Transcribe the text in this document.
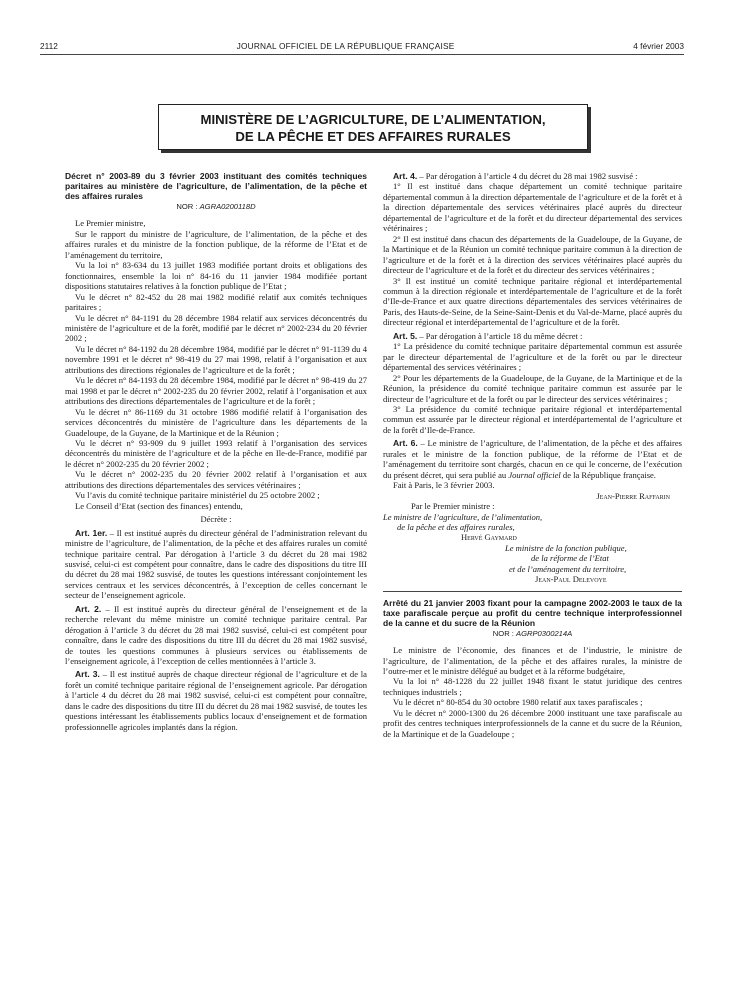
2112	JOURNAL OFFICIEL DE LA RÉPUBLIQUE FRANÇAISE	4 février 2003
MINISTÈRE DE L’AGRICULTURE, DE L’ALIMENTATION,
DE LA PÊCHE ET DES AFFAIRES RURALES

Décret n° 2003-89 du 3 février 2003 instituant des comités techniques paritaires au ministère de l’agriculture, de l’alimentation, de la pêche et des affaires rurales

NOR : AGRA0200118D

Le Premier ministre,

Sur le rapport du ministre de l’agriculture, de l’alimentation, de la pêche et des affaires rurales et du ministre de la fonction publique, de la réforme de l’Etat et de l’aménagement du territoire,

Vu la loi n° 83-634 du 13 juillet 1983 modifiée portant droits et obligations des fonctionnaires, ensemble la loi n° 84-16 du 11 janvier 1984 modifiée portant dispositions statutaires relatives à la fonction publique de l’Etat ;

Vu le décret n° 82-452 du 28 mai 1982 modifié relatif aux comités techniques paritaires ;

Vu le décret n° 84-1191 du 28 décembre 1984 relatif aux services déconcentrés du ministère de l’agriculture et de la forêt, modifié par le décret n° 2002-234 du 20 février 2002 ;

Vu le décret n° 84-1192 du 28 décembre 1984, modifié par le décret n° 91-1139 du 4 novembre 1991 et le décret n° 98-419 du 27 mai 1998, relatif à l’organisation et aux attributions des directions régionales de l’agriculture et de la forêt ;

Vu le décret n° 84-1193 du 28 décembre 1984, modifié par le décret n° 98-419 du 27 mai 1998 et par le décret n° 2002-235 du 20 février 2002, relatif à l’organisation et aux attributions des directions départementales de l’agriculture et de la forêt ;

Vu le décret n° 86-1169 du 31 octobre 1986 modifié relatif à l’organisation des services déconcentrés du ministère de l’agriculture dans les départements de la Guadeloupe, de la Guyane, de la Martinique et de la Réunion ;

Vu le décret n° 93-909 du 9 juillet 1993 relatif à l’organisation des services déconcentrés du ministère de l’agriculture et de la pêche en Ile-de-France, modifié par le décret n° 2002-235 du 20 février 2002 ;

Vu le décret n° 2002-235 du 20 février 2002 relatif à l’organisation et aux attributions des directions départementales des services vétérinaires ;

Vu l’avis du comité technique paritaire ministériel du 25 octobre 2002 ;

Le Conseil d’Etat (section des finances) entendu,

Décrète :

Art. 1er. – Il est institué auprès du directeur général de l’administration relevant du ministre de l’agriculture, de l’alimentation, de la pêche et des affaires rurales un comité technique paritaire central. Par dérogation à l’article 3 du décret du 28 mai 1982 susvisé, celui-ci est compétent pour connaître, dans le cadre des dispositions du titre III du décret du 28 mai 1982 susvisé, de toutes les questions intéressant conjointement les services centraux et les services déconcentrés, à l’exception de celles concernant le secteur de l’enseignement agricole.

Art. 2. – Il est institué auprès du directeur général de l’enseignement et de la recherche relevant du même ministre un comité technique paritaire central. Par dérogation à l’article 3 du décret du 28 mai 1982 susvisé, celui-ci est compétent pour connaître, dans le cadre des dispositions du titre III du décret du 28 mai 1982 susvisé, de toutes les questions communes à plusieurs services ou établissements de l’enseignement agricole, à l’exception de celles mentionnées à l’article 3.

Art. 3. – Il est institué auprès de chaque directeur régional de l’agriculture et de la forêt un comité technique paritaire régional de l’enseignement agricole. Par dérogation à l’article 4 du décret du 28 mai 1982 susvisé, celui-ci est compétent pour connaître, dans le cadre des dispositions du titre III du décret du 28 mai 1982 susvisé, de toutes les questions intéressant les établissements publics locaux d’enseignement et de formation professionnelle agricoles implantés dans la région.

Art. 4. – Par dérogation à l’article 4 du décret du 28 mai 1982 susvisé :

1° Il est institué dans chaque département un comité technique paritaire départemental commun à la direction départementale de l’agriculture et de la forêt et à la direction départementale des services vétérinaires placé auprès du directeur départemental de l’agriculture et de la forêt et du directeur départemental des services vétérinaires ;

2° Il est institué dans chacun des départements de la Guadeloupe, de la Guyane, de la Martinique et de la Réunion un comité technique paritaire commun à la direction de l’agriculture et de la forêt et à la direction des services vétérinaires placé auprès du directeur de l’agriculture et de la forêt et du directeur des services vétérinaires ;

3° Il est institué un comité technique paritaire régional et interdépartemental commun à la direction régionale et interdépartementale de l’agriculture et de la forêt d’Ile-de-France et aux quatre directions départementales des services vétérinaires de Paris, des Hauts-de-Seine, de la Seine-Saint-Denis et du Val-de-Marne, placé auprès du directeur régional et interdépartemental de l’agriculture et de la forêt.

Art. 5. – Par dérogation à l’article 18 du même décret :

1° La présidence du comité technique paritaire départemental commun est assurée par le directeur départemental de l’agriculture et de la forêt ou par le directeur départemental des services vétérinaires ;

2° Pour les départements de la Guadeloupe, de la Guyane, de la Martinique et de la Réunion, la présidence du comité technique paritaire commun est assurée par le directeur de l’agriculture et de la forêt ou par le directeur des services vétérinaires ;

3° La présidence du comité technique paritaire régional et interdépartemental commun est assurée par le directeur régional et interdépartemental de l’agriculture et de la forêt d’Ile-de-France.

Art. 6. – Le ministre de l’agriculture, de l’alimentation, de la pêche et des affaires rurales et le ministre de la fonction publique, de la réforme de l’Etat et de l’aménagement du territoire sont chargés, chacun en ce qui le concerne, de l’exécution du présent décret, qui sera publié au Journal officiel de la République française.

Fait à Paris, le 3 février 2003.

Jean-Pierre Raffarin

Par le Premier ministre :

Le ministre de l’agriculture, de l’alimentation,

de la pêche et des affaires rurales,

Hervé Gaymard

Le ministre de la fonction publique,

de la réforme de l’Etat

et de l’aménagement du territoire,

Jean-Paul Delevoye

Arrêté du 21 janvier 2003 fixant pour la campagne 2002-2003 le taux de la taxe parafiscale perçue au profit du centre technique interprofessionnel de la canne et du sucre de la Réunion

NOR : AGRP0300214A

Le ministre de l’économie, des finances et de l’industrie, le ministre de l’agriculture, de l’alimentation, de la pêche et des affaires rurales, la ministre de l’outre-mer et le ministre délégué au budget et à la réforme budgétaire,

Vu la loi n° 48-1228 du 22 juillet 1948 fixant le statut juridique des centres techniques industriels ;

Vu le décret n° 80-854 du 30 octobre 1980 relatif aux taxes parafiscales ;

Vu le décret n° 2000-1300 du 26 décembre 2000 instituant une taxe parafiscale au profit des centres techniques interprofessionnels de la canne et du sucre de la Réunion, de la Martinique et de la Guadeloupe ;
